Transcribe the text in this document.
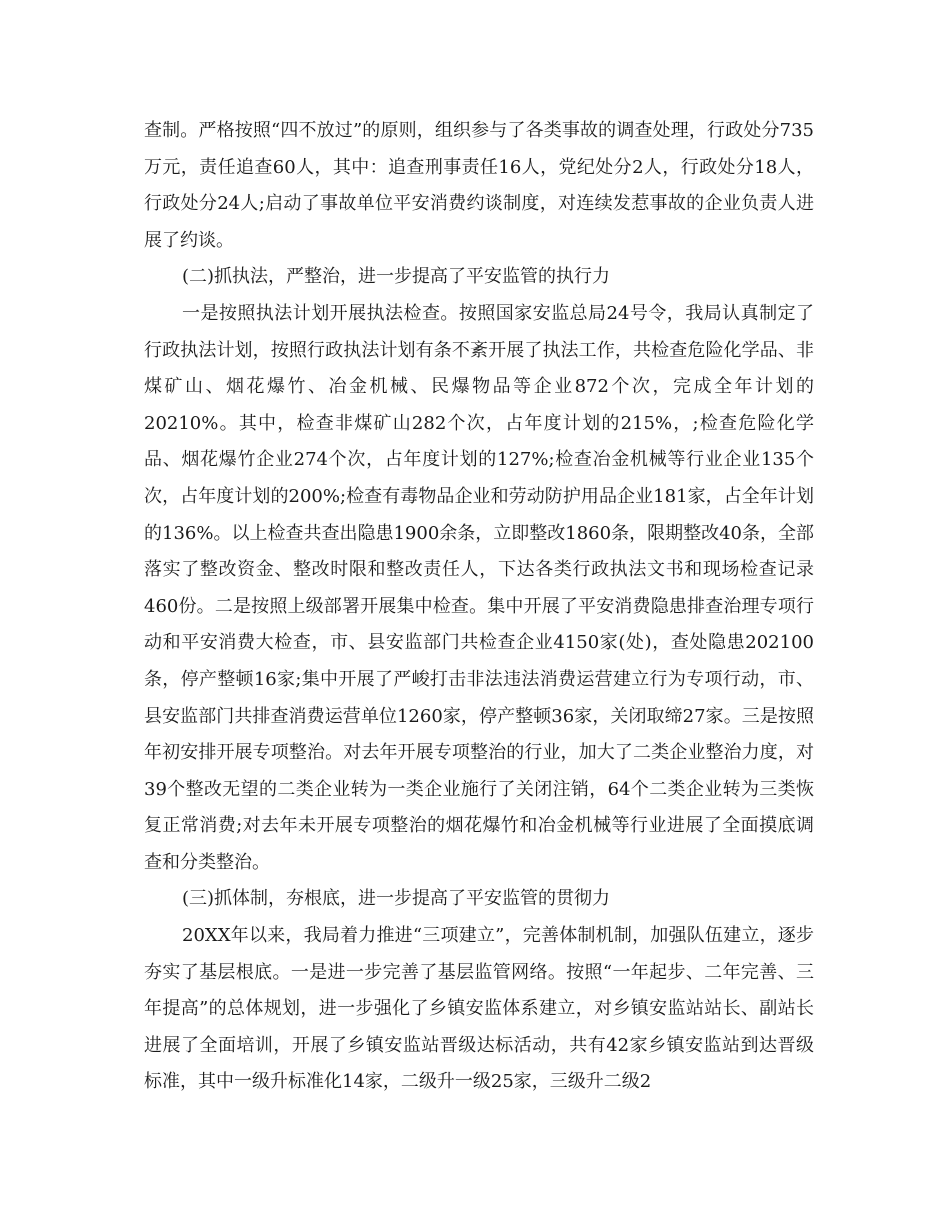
查制。严格按照“四不放过”的原则，组织参与了各类事故的调查处理，行政处分735万元，责任追查60人，其中：追查刑事责任16人，党纪处分2人，行政处分18人，行政处分24人;启动了事故单位平安消费约谈制度，对连续发惹事故的企业负责人进展了约谈。

(二)抓执法，严整治，进一步提高了平安监管的执行力

一是按照执法计划开展执法检查。按照国家安监总局24号令，我局认真制定了行政执法计划，按照行政执法计划有条不紊开展了执法工作，共检查危险化学品、非煤矿山、烟花爆竹、冶金机械、民爆物品等企业872个次，完成全年计划的20210%。其中，检查非煤矿山282个次，占年度计划的215%，;检查危险化学品、烟花爆竹企业274个次，占年度计划的127%;检查冶金机械等行业企业135个次，占年度计划的200%;检查有毒物品企业和劳动防护用品企业181家，占全年计划的136%。以上检查共查出隐患1900余条，立即整改1860条，限期整改40条，全部落实了整改资金、整改时限和整改责任人，下达各类行政执法文书和现场检查记录460份。二是按照上级部署开展集中检查。集中开展了平安消费隐患排查治理专项行动和平安消费大检查，市、县安监部门共检查企业4150家(处)，查处隐患202100条，停产整顿16家;集中开展了严峻打击非法违法消费运营建立行为专项行动，市、县安监部门共排查消费运营单位1260家，停产整顿36家，关闭取缔27家。三是按照年初安排开展专项整治。对去年开展专项整治的行业，加大了二类企业整治力度，对39个整改无望的二类企业转为一类企业施行了关闭注销，64个二类企业转为三类恢复正常消费;对去年未开展专项整治的烟花爆竹和冶金机械等行业进展了全面摸底调查和分类整治。

(三)抓体制，夯根底，进一步提高了平安监管的贯彻力

20XX年以来，我局着力推进“三项建立”，完善体制机制，加强队伍建立，逐步夯实了基层根底。一是进一步完善了基层监管网络。按照“一年起步、二年完善、三年提高”的总体规划，进一步强化了乡镇安监体系建立，对乡镇安监站站长、副站长进展了全面培训，开展了乡镇安监站晋级达标活动，共有42家乡镇安监站到达晋级标准，其中一级升标准化14家，二级升一级25家，三级升二级2
